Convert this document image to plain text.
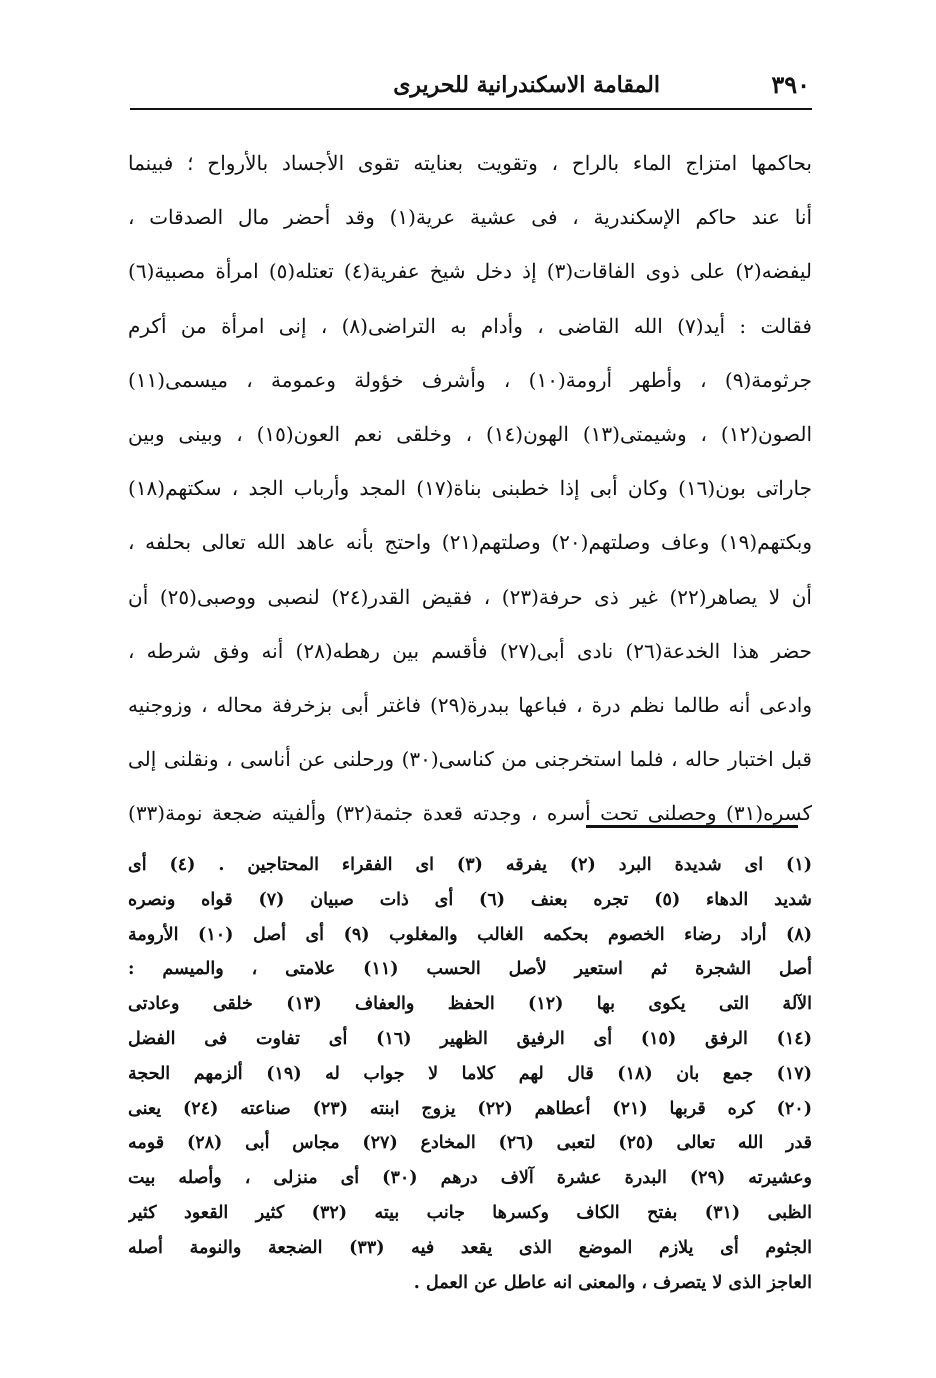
٣٩٠
المقامة الاسكندرانية للحريرى
بحاكمها امتزاج الماء بالراح ، وتقويت بعنايته تقوى الأجساد بالأرواح ؛ فبينما
أنا عند حاكم الإسكندرية ، فى عشية عرية(١) وقد أحضر مال الصدقات ،
ليفضه(٢) على ذوى الفاقات(٣) إذ دخل شيخ عفرية(٤) تعتله(٥) امرأة مصبية(٦)
فقالت : أيد(٧) الله القاضى ، وأدام به التراضى(٨) ، إنى امرأة من أكرم
جرثومة(٩) ، وأطهر أرومة(١٠) ، وأشرف خؤولة وعمومة ، ميسمى(١١)
الصون(١٢) ، وشيمتى(١٣) الهون(١٤) ، وخلقى نعم العون(١٥) ، وبينى وبين
جاراتى بون(١٦) وكان أبى إذا خطبنى بناة(١٧) المجد وأرباب الجد ، سكتهم(١٨)
وبكتهم(١٩) وعاف وصلتهم(٢٠) وصلتهم(٢١) واحتج بأنه عاهد الله تعالى بحلفه ،
أن لا يصاهر(٢٢) غير ذى حرفة(٢٣) ، فقيض القدر(٢٤) لنصبى ووصبى(٢٥) أن
حضر هذا الخدعة(٢٦) نادى أبى(٢٧) فأقسم بين رهطه(٢٨) أنه وفق شرطه ،
وادعى أنه طالما نظم درة ، فباعها ببدرة(٢٩) فاغتر أبى بزخرفة محاله ، وزوجنيه
قبل اختبار حاله ، فلما استخرجنى من كناسى(٣٠) ورحلنى عن أناسى ، ونقلنى إلى
كسره(٣١) وحصلنى تحت أسره ، وجدته قعدة جثمة(٣٢) وألفيته ضجعة نومة(٣٣)
(١) اى شديدة البرد (٢) يفرقه (٣) اى الفقراء المحتاجين . (٤) أى
شديد الدهاء (٥) تجره بعنف (٦) أى ذات صبيان (٧) قواه ونصره
(٨) أراد رضاء الخصوم بحكمه الغالب والمغلوب (٩) أى أصل (١٠) الأرومة
أصل الشجرة ثم استعير لأصل الحسب (١١) علامتى ، والميسم :
الآلة التى يكوى بها (١٢) الحفظ والعفاف (١٣) خلقى وعادتى
(١٤) الرفق (١٥) أى الرفيق الظهير (١٦) أى تفاوت فى الفضل
(١٧) جمع بان (١٨) قال لهم كلاما لا جواب له (١٩) ألزمهم الحجة
(٢٠) كره قربها (٢١) أعطاهم (٢٢) يزوج ابنته (٢٣) صناعته (٢٤) يعنى
قدر الله تعالى (٢٥) لتعبى (٢٦) المخادع (٢٧) مجاس أبى (٢٨) قومه
وعشيرته (٢٩) البدرة عشرة آلاف درهم (٣٠) أى منزلى ، وأصله بيت
الظبى (٣١) بفتح الكاف وكسرها جانب بيته (٣٢) كثير القعود كثير
الجثوم أى يلازم الموضع الذى يقعد فيه (٣٣) الضجعة والنومة أصله
العاجز الذى لا يتصرف ، والمعنى انه عاطل عن العمل .
